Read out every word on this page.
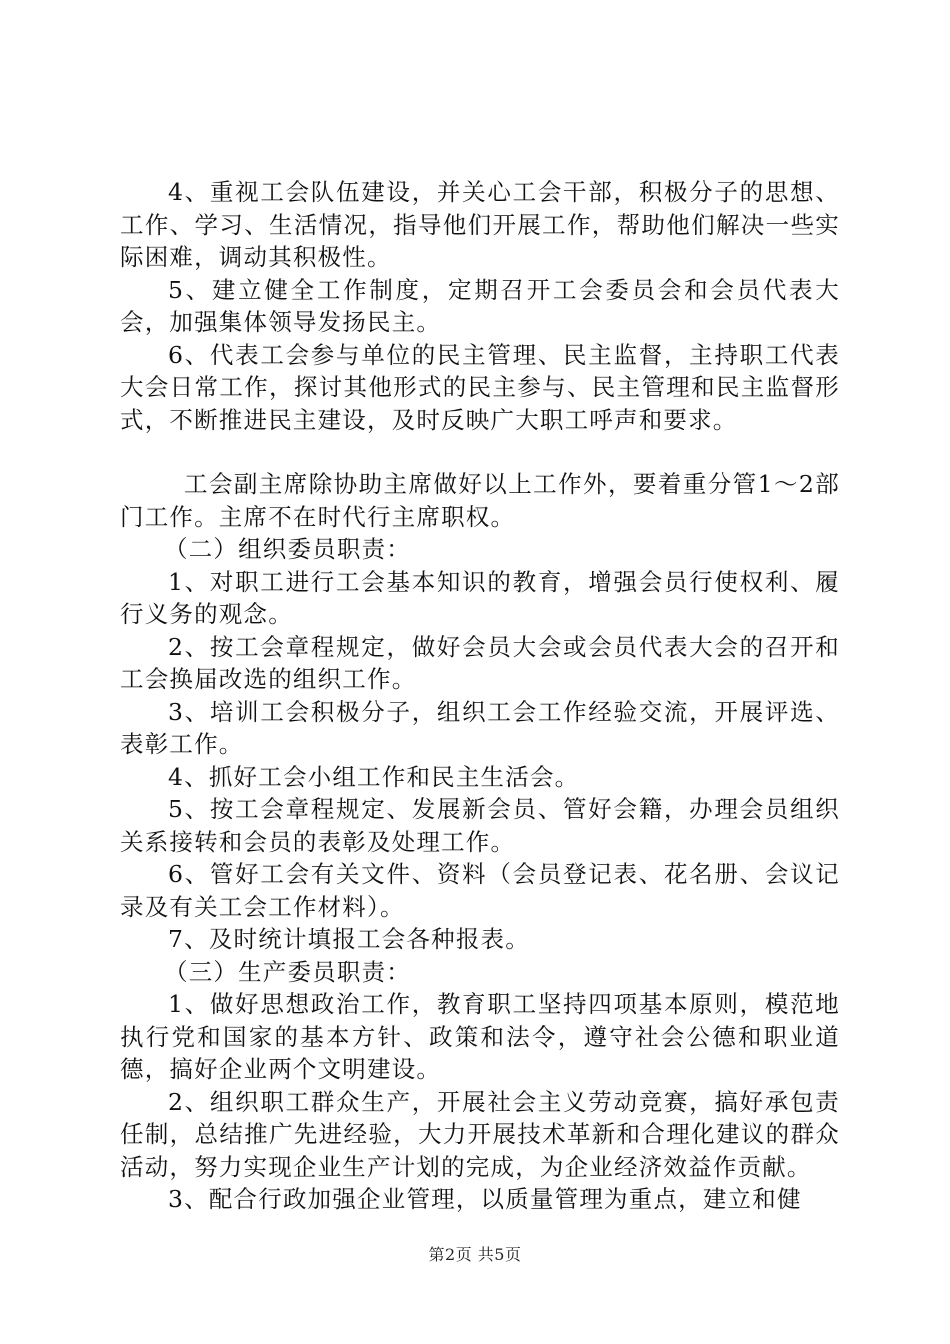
4、重视工会队伍建设，并关心工会干部，积极分子的思想、工作、学习、生活情况，指导他们开展工作，帮助他们解决一些实际困难，调动其积极性。

5、建立健全工作制度，定期召开工会委员会和会员代表大会，加强集体领导发扬民主。

6、代表工会参与单位的民主管理、民主监督，主持职工代表大会日常工作，探讨其他形式的民主参与、民主管理和民主监督形式，不断推进民主建设，及时反映广大职工呼声和要求。

工会副主席除协助主席做好以上工作外，要着重分管1～2部门工作。主席不在时代行主席职权。

（二）组织委员职责：

1、对职工进行工会基本知识的教育，增强会员行使权利、履行义务的观念。

2、按工会章程规定，做好会员大会或会员代表大会的召开和工会换届改选的组织工作。

3、培训工会积极分子，组织工会工作经验交流，开展评选、表彰工作。

4、抓好工会小组工作和民主生活会。

5、按工会章程规定、发展新会员、管好会籍，办理会员组织关系接转和会员的表彰及处理工作。

6、管好工会有关文件、资料（会员登记表、花名册、会议记录及有关工会工作材料）。

7、及时统计填报工会各种报表。

（三）生产委员职责：

1、做好思想政治工作，教育职工坚持四项基本原则，模范地执行党和国家的基本方针、政策和法令，遵守社会公德和职业道德，搞好企业两个文明建设。

2、组织职工群众生产，开展社会主义劳动竞赛，搞好承包责任制，总结推广先进经验，大力开展技术革新和合理化建议的群众活动，努力实现企业生产计划的完成，为企业经济效益作贡献。

3、配合行政加强企业管理，以质量管理为重点，建立和健

第2页 共5页
